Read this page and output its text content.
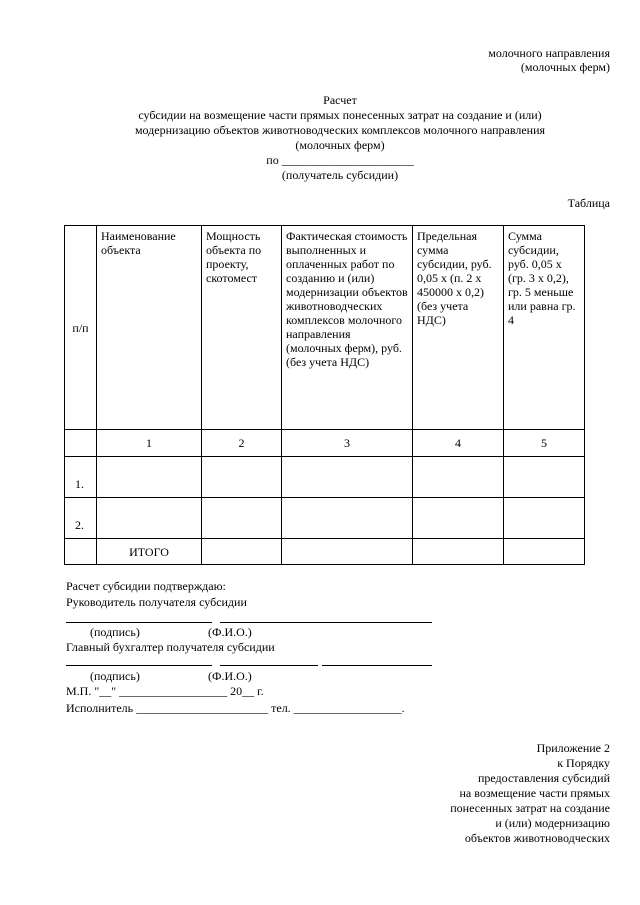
молочного направления
(молочных ферм)
Расчет
субсидии на возмещение части прямых понесенных затрат на создание и (или)
модернизацию объектов животноводческих комплексов молочного направления
(молочных ферм)
по ______________________
(получатель субсидии)
Таблица
п/п	Наименование объекта	Мощность объекта по проекту, скотомест	Фактическая стоимость выполненных и оплаченных работ по созданию и (или) модернизации объектов животноводческих комплексов молочного направления (молочных ферм), руб. (без учета НДС)	Предельная сумма субсидии, руб. 0,05 x (п. 2 x 450000 x 0,2) (без учета НДС)	Сумма субсидии, руб. 0,05 x (гр. 3 x 0,2), гр. 5 меньше или равна гр. 4
	1	2	3	4	5
1.					
2.					
	ИТОГО				
Расчет субсидии подтверждаю:
Руководитель получателя субсидии
(подпись)	(Ф.И.О.)
Главный бухгалтер получателя субсидии
(подпись)	(Ф.И.О.)
М.П. "__" __________________ 20__ г.
Исполнитель ______________________ тел. __________________.
Приложение 2
к Порядку
предоставления субсидий
на возмещение части прямых
понесенных затрат на создание
и (или) модернизацию
объектов животноводческих
